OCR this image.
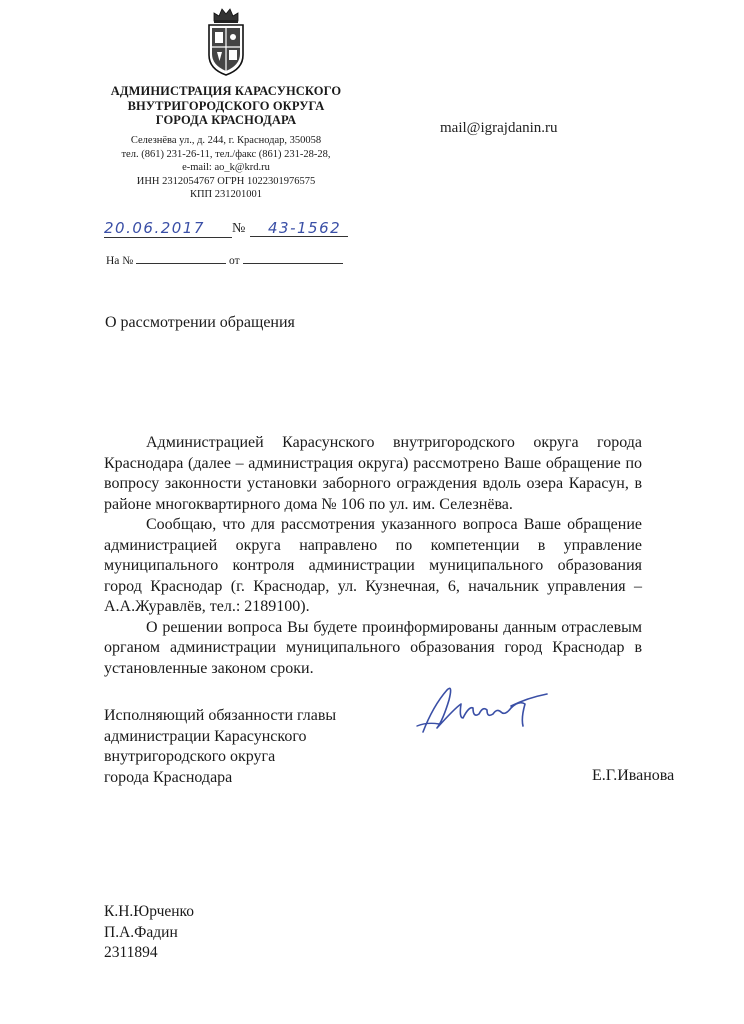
АДМИНИСТРАЦИЯ КАРАСУНСКОГО
ВНУТРИГОРОДСКОГО ОКРУГА
ГОРОДА КРАСНОДАРА
Селезнёва ул., д. 244, г. Краснодар, 350058
тел. (861) 231-26-11, тел./факс (861) 231-28-28,
e-mail: ao_k@krd.ru
ИНН 2312054767 ОГРН 1022301976575
КПП 231201001
mail@igrajdanin.ru
20.06.2017	№	43-1562
На №	от
О рассмотрении обращения

Администрацией Карасунского внутригородского округа города Краснодара (далее – администрация округа) рассмотрено Ваше обращение по вопросу законности установки заборного ограждения вдоль озера Карасун, в районе многоквартирного дома № 106 по ул. им. Селезнёва.

Сообщаю, что для рассмотрения указанного вопроса Ваше обращение администрацией округа направлено по компетенции в управление муниципального контроля администрации муниципального образования город Краснодар (г. Краснодар, ул. Кузнечная, 6, начальник управления – А.А.Журавлёв, тел.: 2189100).

О решении вопроса Вы будете проинформированы данным отраслевым органом администрации муниципального образования город Краснодар в установленные законом сроки.

Исполняющий обязанности главы
администрации Карасунского
внутригородского округа
города Краснодара	Е.Г.Иванова
К.Н.Юрченко
П.А.Фадин
2311894
